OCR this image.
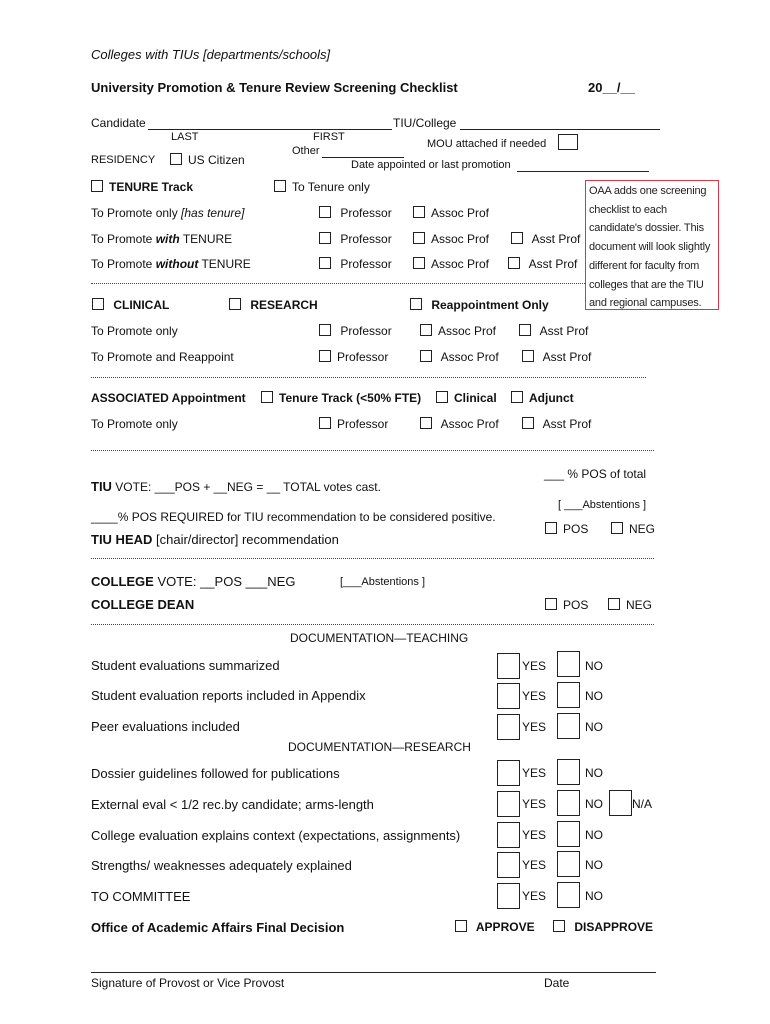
Colleges with TIUs [departments/schools]
University Promotion & Tenure Review Screening Checklist	20__/__
Candidate	TIU/College
LAST	FIRST
Other
MOU attached if needed
RESIDENCY	US Citizen	Date appointed or last promotion
OAA adds one screening checklist to each candidate's dossier. This document will look slightly different for faculty from colleges that are the TIU and regional campuses.
TENURE Track	To Tenure only
To Promote only [has tenure]	Professor	Assoc Prof
To Promote with TENURE	Professor	Assoc Prof	Asst Prof
To Promote without TENURE	Professor	Assoc Prof	Asst Prof
CLINICAL	RESEARCH	Reappointment Only
To Promote only	Professor	Assoc Prof	Asst Prof
To Promote and Reappoint	Professor	Assoc Prof	Asst Prof
ASSOCIATED Appointment	Tenure Track (<50% FTE)	Clinical	Adjunct
To Promote only	Professor	Assoc Prof	Asst Prof
___ % POS of total
TIU VOTE: ___POS + __NEG = __ TOTAL votes cast.
[ ___Abstentions ]
____% POS REQUIRED for TIU recommendation to be considered positive.
POS	NEG
TIU HEAD [chair/director] recommendation
COLLEGE VOTE: __POS ___NEG	[___Abstentions ]
COLLEGE DEAN	POS	NEG
DOCUMENTATION—TEACHING
Student evaluations summarized	YES	NO
Student evaluation reports included in Appendix	YES	NO
Peer evaluations included	YES	NO
DOCUMENTATION—RESEARCH
Dossier guidelines followed for publications	YES	NO
External eval < 1/2 rec.by candidate; arms-length	YES	NO N/A
College evaluation explains context (expectations, assignments)	YES	NO
Strengths/ weaknesses adequately explained	YES	NO
TO COMMITTEE	YES	NO
Office of Academic Affairs Final Decision	APPROVE	DISAPPROVE
Signature of Provost or Vice Provost	Date
